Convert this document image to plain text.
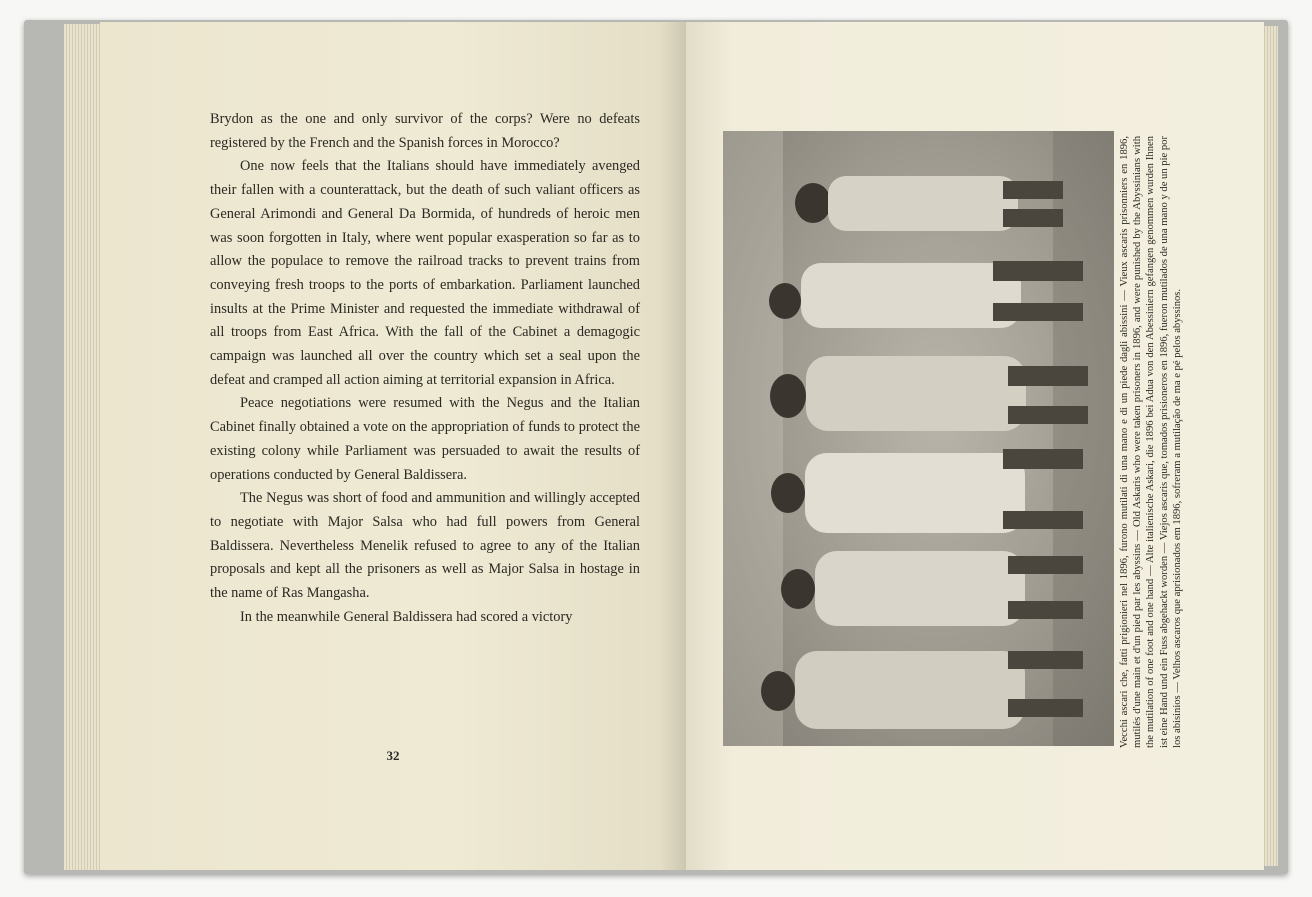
Brydon as the one and only survivor of the corps? Were no defeats registered by the French and the Spanish forces in Morocco?

One now feels that the Italians should have immediately avenged their fallen with a counterattack, but the death of such valiant officers as General Arimondi and General Da Bormida, of hundreds of heroic men was soon forgotten in Italy, where went popular exasperation so far as to allow the populace to remove the railroad tracks to prevent trains from conveying fresh troops to the ports of embarkation. Parliament launched insults at the Prime Minister and requested the immediate withdrawal of all troops from East Africa. With the fall of the Cabinet a demagogic campaign was launched all over the country which set a seal upon the defeat and cramped all action aiming at territorial expansion in Africa.

Peace negotiations were resumed with the Negus and the Italian Cabinet finally obtained a vote on the appropriation of funds to protect the existing colony while Parliament was persuaded to await the results of operations conducted by General Baldissera.

The Negus was short of food and ammunition and willingly accepted to negotiate with Major Salsa who had full powers from General Baldissera. Nevertheless Menelik refused to agree to any of the Italian proposals and kept all the prisoners as well as Major Salsa in hostage in the name of Ras Mangasha.

In the meanwhile General Baldissera had scored a victory

32
Vecchi ascari che, fatti prigionieri nel 1896, furono mutilati di una mano e di un piede dagli abissini — Vieux ascaris prisonniers en 1896, mutilés d'une main et d'un pied par les abyssins — Old Askaris who were taken prisoners in 1896, and were punished by the Abyssinians with the mutilation of one foot and one hand — Alte italienische Askari, die 1896 bei Adua von den Abessiniern gefangen genommen wurden Ihnen ist eine Hand und ein Fuss abgehackt worden — Viejos ascaris que, tomados prisioneros en 1896, fueron mutilados de una mano y de un pie por los abisinios — Velhos ascaros que aprisionados em 1896, sofreram a mutilação de ma e pé pelos abyssinos.
